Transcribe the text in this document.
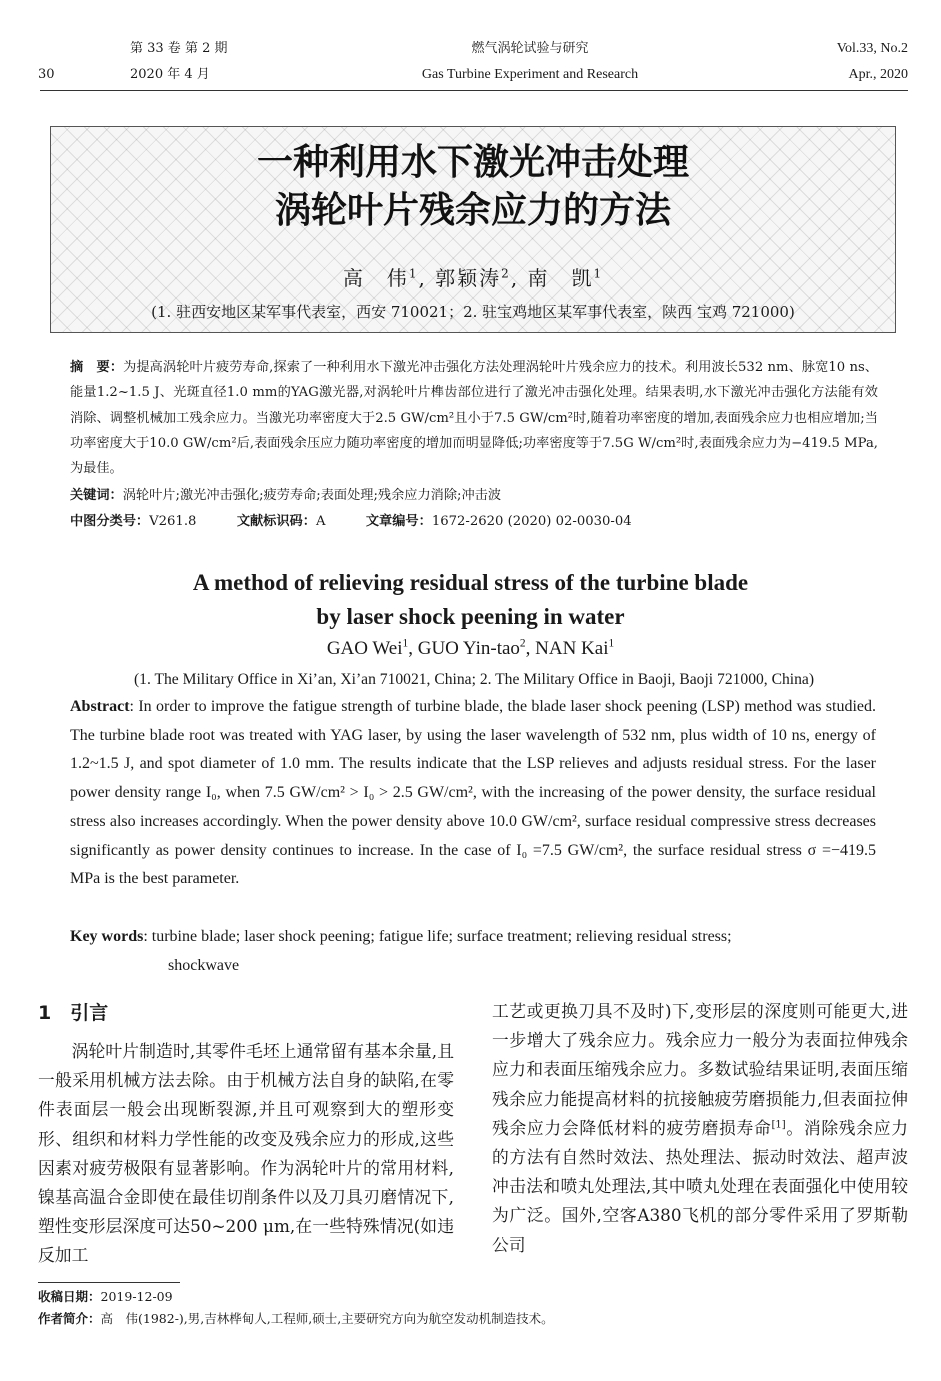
30
第 33 卷 第 2 期
2020 年 4 月
燃气涡轮试验与研究
Gas Turbine Experiment and Research
Vol.33, No.2
Apr., 2020
一种利用水下激光冲击处理
涡轮叶片残余应力的方法
高　伟$^1$, 郭颖涛$^2$, 南　凯$^1$
(1. 驻西安地区某军事代表室，西安 710021；2. 驻宝鸡地区某军事代表室，陕西 宝鸡 721000)
摘　要：为提高涡轮叶片疲劳寿命,探索了一种利用水下激光冲击强化方法处理涡轮叶片残余应力的技术。利用波长532 nm、脉宽10 ns、能量1.2~1.5 J、光斑直径1.0 mm的YAG激光器,对涡轮叶片榫齿部位进行了激光冲击强化处理。结果表明,水下激光冲击强化方法能有效消除、调整机械加工残余应力。当激光功率密度大于2.5 GW/cm²且小于7.5 GW/cm²时,随着功率密度的增加,表面残余应力也相应增加;当功率密度大于10.0 GW/cm²后,表面残余压应力随功率密度的增加而明显降低;功率密度等于7.5G W/cm²时,表面残余应力为−419.5 MPa,为最佳。
关键词：涡轮叶片;激光冲击强化;疲劳寿命;表面处理;残余应力消除;冲击波
中图分类号：V261.8	文献标识码：A	文章编号：1672-2620 (2020) 02-0030-04
A method of relieving residual stress of the turbine blade
by laser shock peening in water
GAO Wei$^1$, GUO Yin-tao$^2$, NAN Kai$^1$
(1. The Military Office in Xi’an, Xi’an 710021, China; 2. The Military Office in Baoji, Baoji 721000, China)
Abstract: In order to improve the fatigue strength of turbine blade, the blade laser shock peening (LSP) method was studied. The turbine blade root was treated with YAG laser, by using the laser wavelength of 532 nm, plus width of 10 ns, energy of 1.2~1.5 J, and spot diameter of 1.0 mm. The results indicate that the LSP relieves and adjusts residual stress. For the laser power density range I₀, when 7.5 GW/cm² > I₀ > 2.5 GW/cm², with the increasing of the power density, the surface residual stress also increases accordingly. When the power density above 10.0 GW/cm², surface residual compressive stress decreases significantly as power density continues to increase. In the case of I₀ =7.5 GW/cm², the surface residual stress σ =−419.5 MPa is the best parameter.
Key words: turbine blade; laser shock peening; fatigue life; surface treatment; relieving residual stress;
shockwave
1　引言
涡轮叶片制造时,其零件毛坯上通常留有基本余量,且一般采用机械方法去除。由于机械方法自身的缺陷,在零件表面层一般会出现断裂源,并且可观察到大的塑形变形、组织和材料力学性能的改变及残余应力的形成,这些因素对疲劳极限有显著影响。作为涡轮叶片的常用材料,镍基高温合金即使在最佳切削条件以及刀具刃磨情况下,塑性变形层深度可达50~200 μm,在一些特殊情况(如违反加工
工艺或更换刀具不及时)下,变形层的深度则可能更大,进一步增大了残余应力。残余应力一般分为表面拉伸残余应力和表面压缩残余应力。多数试验结果证明,表面压缩残余应力能提高材料的抗接触疲劳磨损能力,但表面拉伸残余应力会降低材料的疲劳磨损寿命[1]。消除残余应力的方法有自然时效法、热处理法、振动时效法、超声波冲击法和喷丸处理法,其中喷丸处理在表面强化中使用较为广泛。国外,空客A380飞机的部分零件采用了罗斯勒公司
收稿日期：2019-12-09
作者简介：高　伟(1982-),男,吉林桦甸人,工程师,硕士,主要研究方向为航空发动机制造技术。
